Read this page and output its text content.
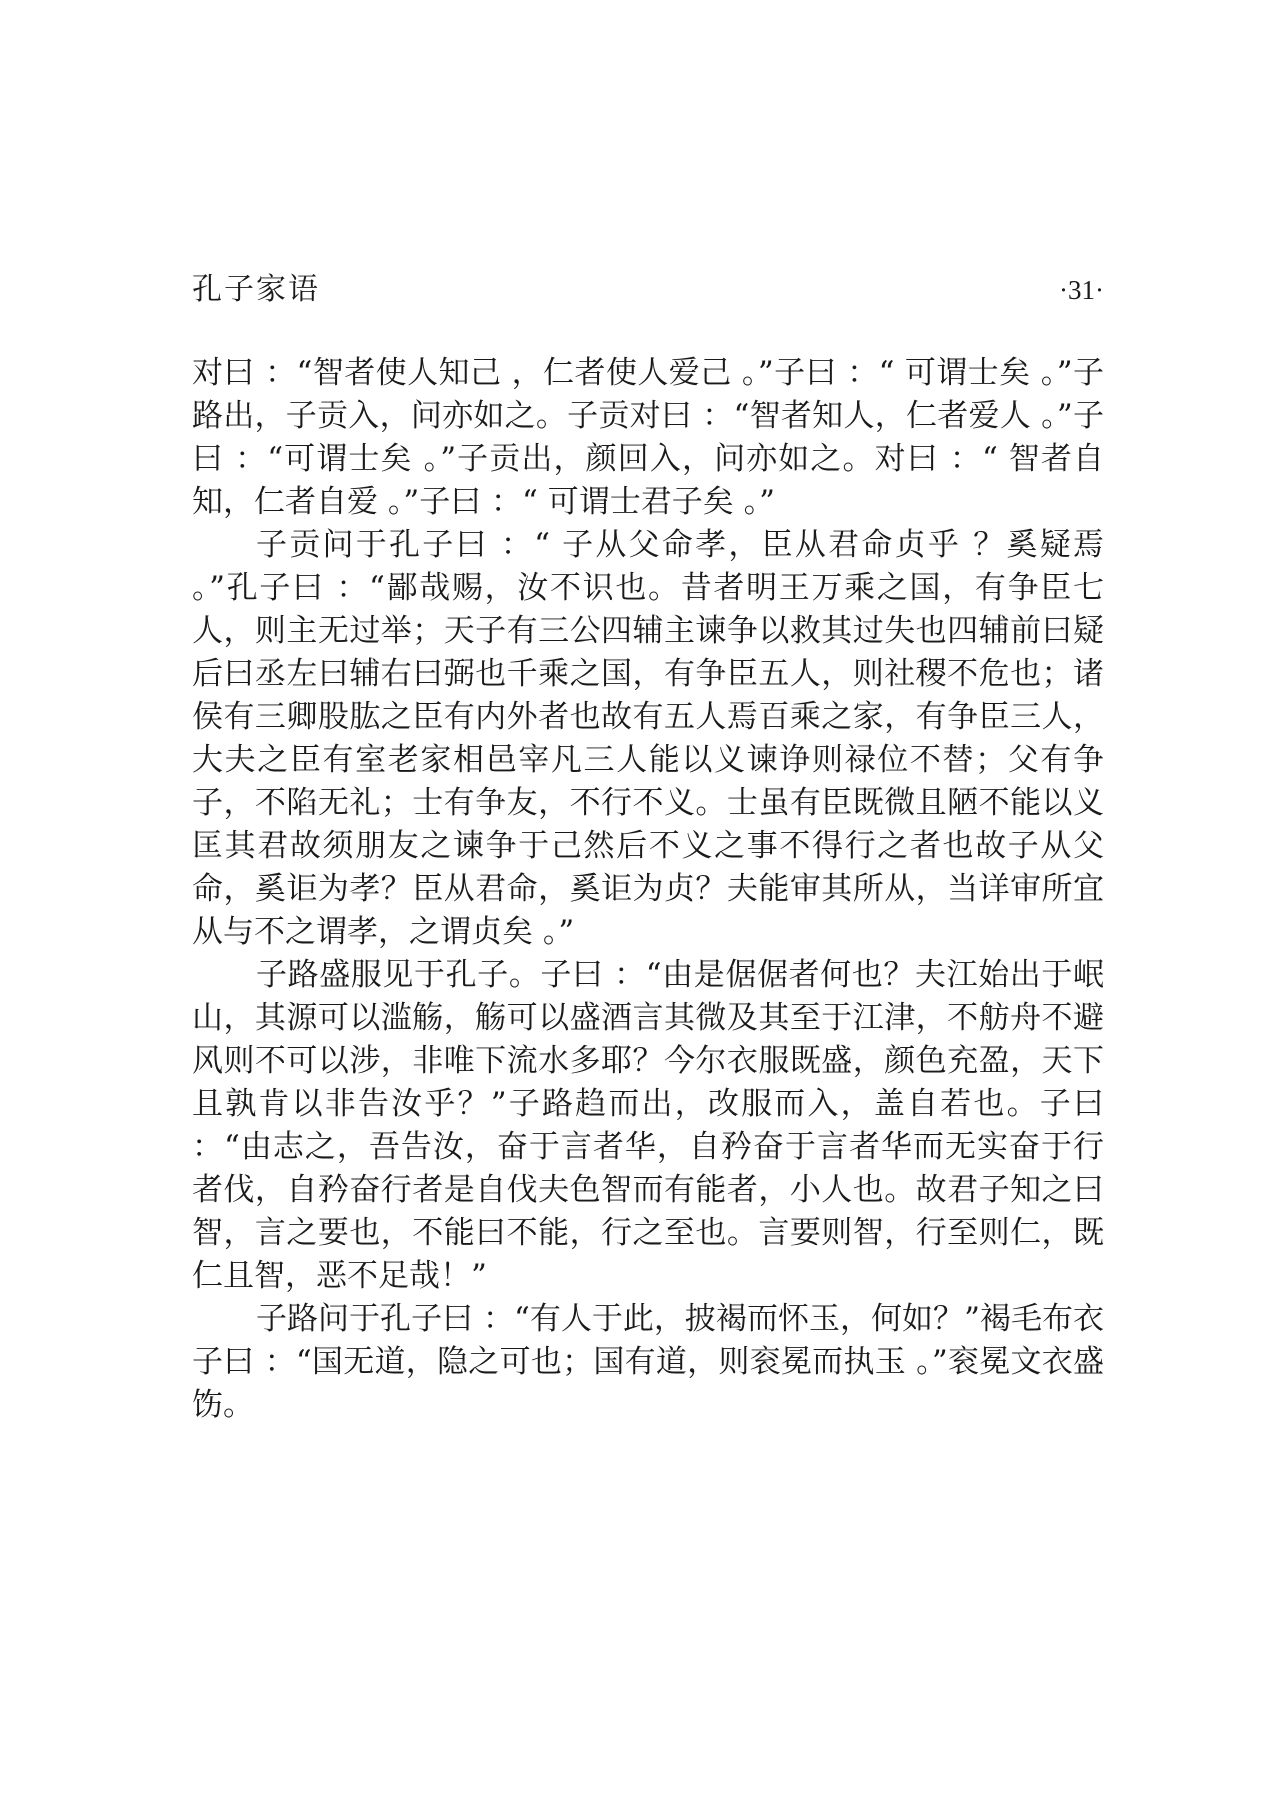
孔子家语	·31·

对曰 ：“智者使人知己 ，仁者使人爱己 。”子曰 ：“ 可谓士矣 。”子路出，子贡入，问亦如之。子贡对曰 ：“智者知人，仁者爱人 。”子曰 ：“可谓士矣 。”子贡出，颜回入，问亦如之。对曰 ：“ 智者自知，仁者自爱 。”子曰 ：“ 可谓士君子矣 。”

子贡问于孔子曰 ：“ 子从父命孝，臣从君命贞乎 ？奚疑焉 。”孔子曰 ：“鄙哉赐，汝不识也。昔者明王万乘之国，有争臣七人，则主无过举；天子有三公四辅主谏争以救其过失也四辅前曰疑后曰丞左曰辅右曰弼也千乘之国，有争臣五人，则社稷不危也；诸侯有三卿股肱之臣有内外者也故有五人焉百乘之家，有争臣三人，大夫之臣有室老家相邑宰凡三人能以义谏诤则禄位不替；父有争子，不陷无礼；士有争友，不行不义。士虽有臣既微且陋不能以义匡其君故须朋友之谏争于己然后不义之事不得行之者也故子从父命，奚讵为孝？臣从君命，奚讵为贞？夫能审其所从，当详审所宜从与不之谓孝，之谓贞矣 。”

子路盛服见于孔子。子曰 ：“由是倨倨者何也？夫江始出于岷山，其源可以滥觞，觞可以盛酒言其微及其至于江津，不舫舟不避风则不可以涉，非唯下流水多耶？今尔衣服既盛，颜色充盈，天下且孰肯以非告汝乎？”子路趋而出，改服而入，盖自若也。子曰 ：“由志之，吾告汝，奋于言者华，自矜奋于言者华而无实奋于行者伐，自矜奋行者是自伐夫色智而有能者，小人也。故君子知之曰智，言之要也，不能曰不能，行之至也。言要则智，行至则仁，既仁且智，恶不足哉！”

子路问于孔子曰 ：“有人于此，披褐而怀玉，何如？”褐毛布衣子曰 ：“国无道，隐之可也；国有道，则衮冕而执玉 。”衮冕文衣盛饬。
